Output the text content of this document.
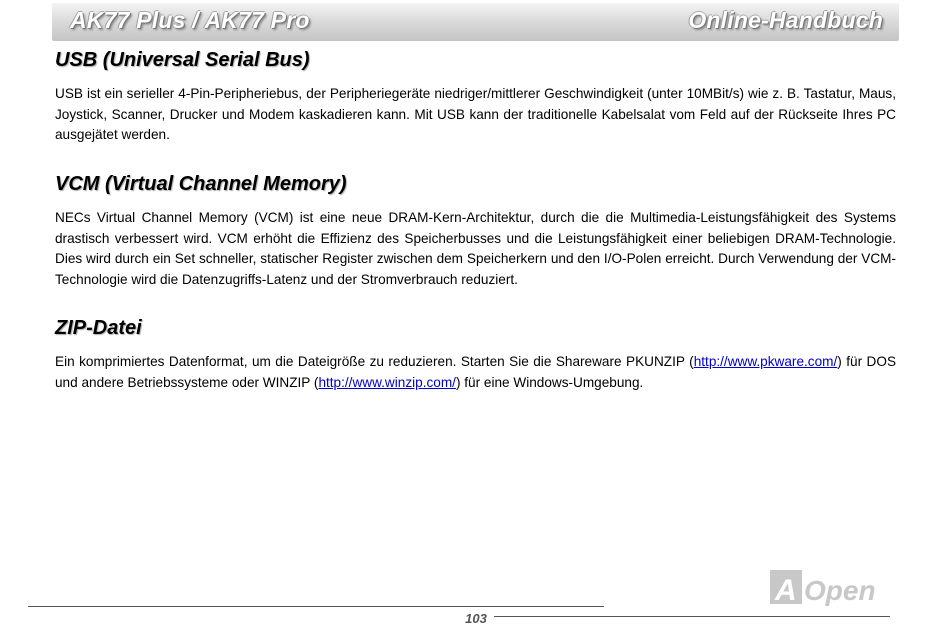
AK77 Plus / AK77 Pro	Online-Handbuch
USB (Universal Serial Bus)

USB ist ein serieller 4-Pin-Peripheriebus, der Peripheriegeräte niedriger/mittlerer Geschwindigkeit (unter 10MBit/s) wie z. B. Tastatur, Maus, Joystick, Scanner, Drucker und Modem kaskadieren kann. Mit USB kann der traditionelle Kabelsalat vom Feld auf der Rückseite Ihres PC ausgejätet werden.

VCM (Virtual Channel Memory)

NECs Virtual Channel Memory (VCM) ist eine neue DRAM-Kern-Architektur, durch die die Multimedia-Leistungsfähigkeit des Systems drastisch verbessert wird. VCM erhöht die Effizienz des Speicherbusses und die Leistungsfähigkeit einer beliebigen DRAM-Technologie. Dies wird durch ein Set schneller, statischer Register zwischen dem Speicherkern und den I/O-Polen erreicht. Durch Verwendung der VCM-Technologie wird die Datenzugriffs-Latenz und der Stromverbrauch reduziert.

ZIP-Datei

Ein komprimiertes Datenformat, um die Dateigröße zu reduzieren. Starten Sie die Shareware PKUNZIP (http://www.pkware.com/) für DOS und andere Betriebssysteme oder WINZIP (http://www.winzip.com/) für eine Windows-Umgebung.

103
A Open
